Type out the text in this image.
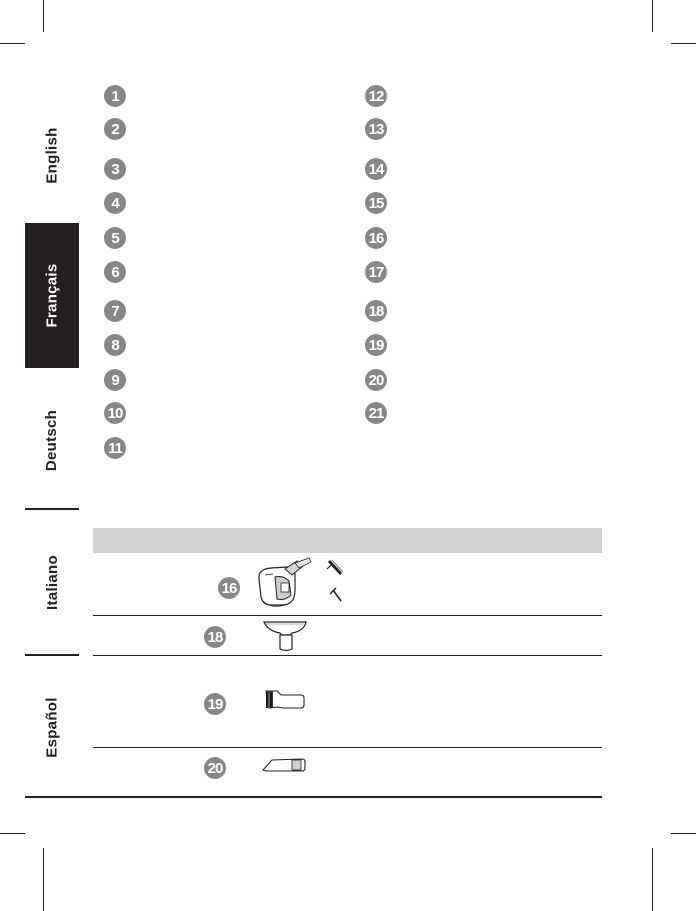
English
Français
Deutsch
Italiano
Español
1
2
3
4
5
6
7
8
9
10
11
12
13
14
15
16
17
18
19
20
21
16
18
19
20
